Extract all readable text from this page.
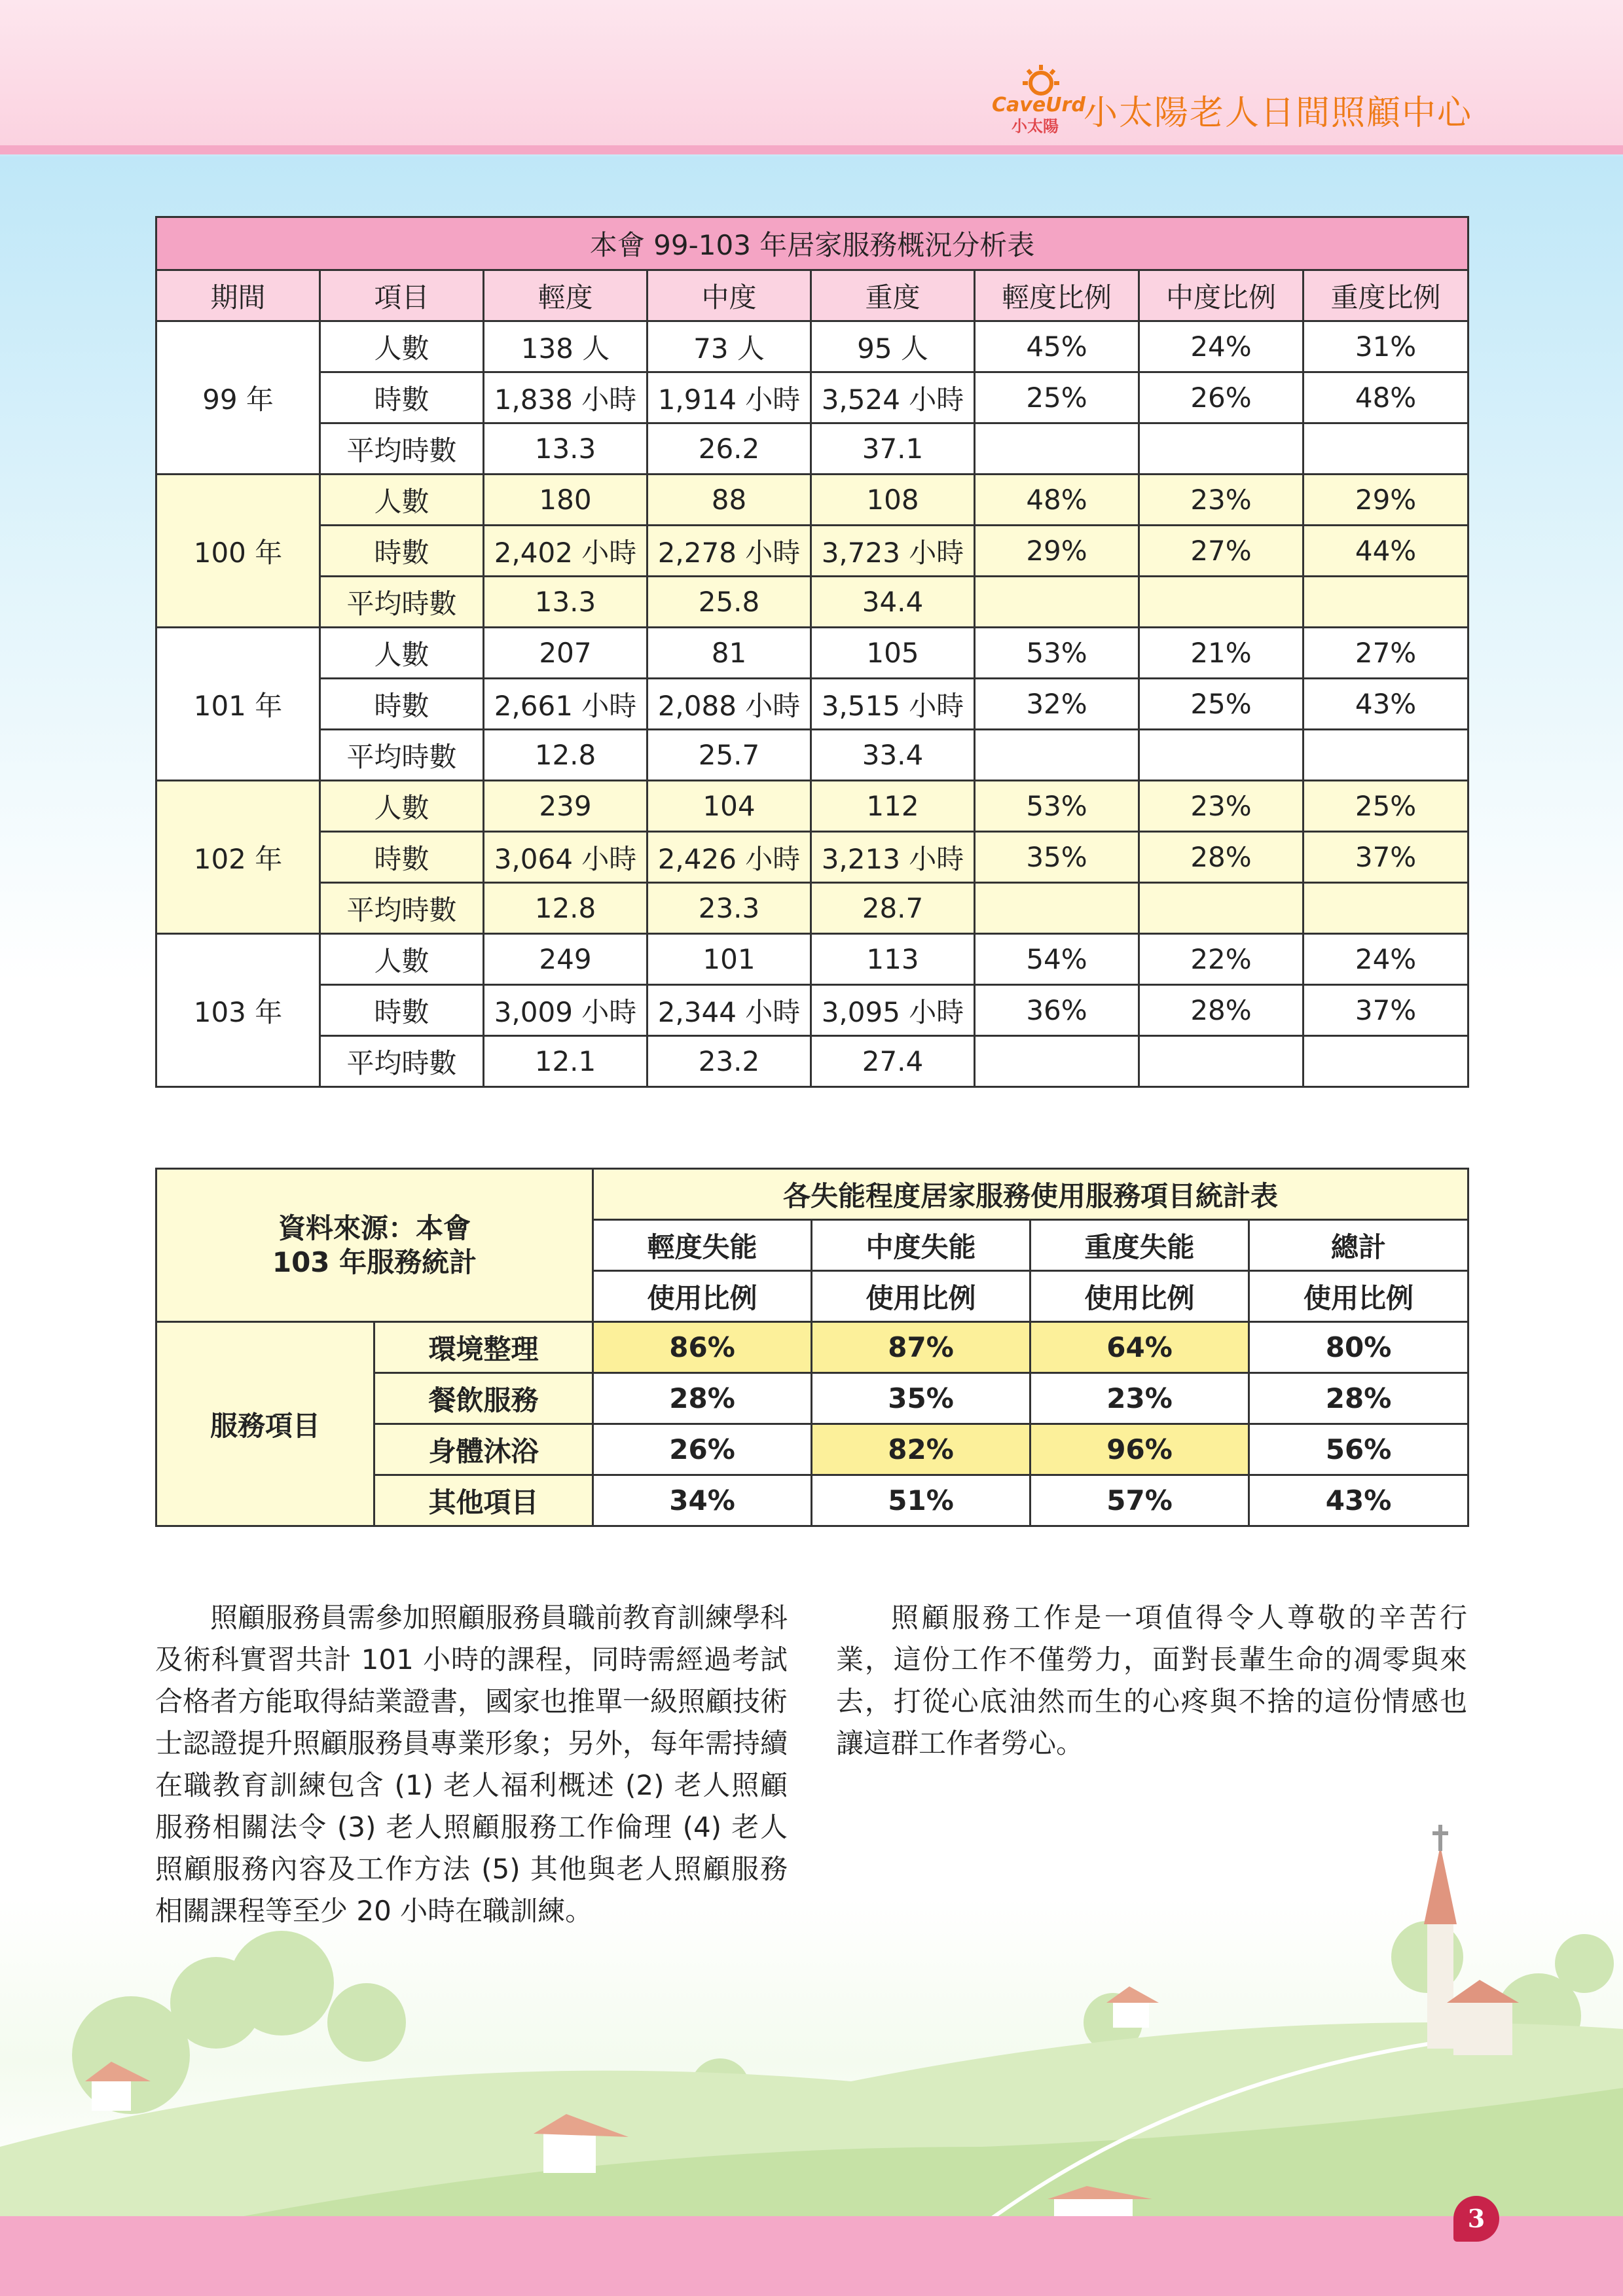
CaveUrd
小太陽 小太陽老人日間照顧中心
本會 99-103 年居家服務概況分析表							
期間	項目	輕度	中度	重度	輕度比例	中度比例	重度比例
99 年	人數	138 人	73 人	95 人	45%	24%	31%
	時數	1,838 小時	1,914 小時	3,524 小時	25%	26%	48%
	平均時數	13.3	26.2	37.1			
100 年	人數	180	88	108	48%	23%	29%
	時數	2,402 小時	2,278 小時	3,723 小時	29%	27%	44%
	平均時數	13.3	25.8	34.4			
101 年	人數	207	81	105	53%	21%	27%
	時數	2,661 小時	2,088 小時	3,515 小時	32%	25%	43%
	平均時數	12.8	25.7	33.4			
102 年	人數	239	104	112	53%	23%	25%
	時數	3,064 小時	2,426 小時	3,213 小時	35%	28%	37%
	平均時數	12.8	23.3	28.7			
103 年	人數	249	101	113	54%	22%	24%
	時數	3,009 小時	2,344 小時	3,095 小時	36%	28%	37%
	平均時數	12.1	23.2	27.4			
資料來源：本會
103 年服務統計		各失能程度居家服務使用服務項目統計表			
		輕度失能	中度失能	重度失能	總計
		使用比例	使用比例	使用比例	使用比例
服務項目	環境整理	86%	87%	64%	80%
	餐飲服務	28%	35%	23%	28%
	身體沐浴	26%	82%	96%	56%
	其他項目	34%	51%	57%	43%
照顧服務員需參加照顧服務員職前教育訓練學科及術科實習共計 101 小時的課程，同時需經過考試合格者方能取得結業證書，國家也推單一級照顧技術士認證提升照顧服務員專業形象；另外，每年需持續在職教育訓練包含 (1) 老人福利概述 (2) 老人照顧服務相關法令 (3) 老人照顧服務工作倫理 (4) 老人照顧服務內容及工作方法 (5) 其他與老人照顧服務相關課程等至少 20 小時在職訓練。
照顧服務工作是一項值得令人尊敬的辛苦行業，這份工作不僅勞力，面對長輩生命的凋零與來去，打從心底油然而生的心疼與不捨的這份情感也讓這群工作者勞心。
3
